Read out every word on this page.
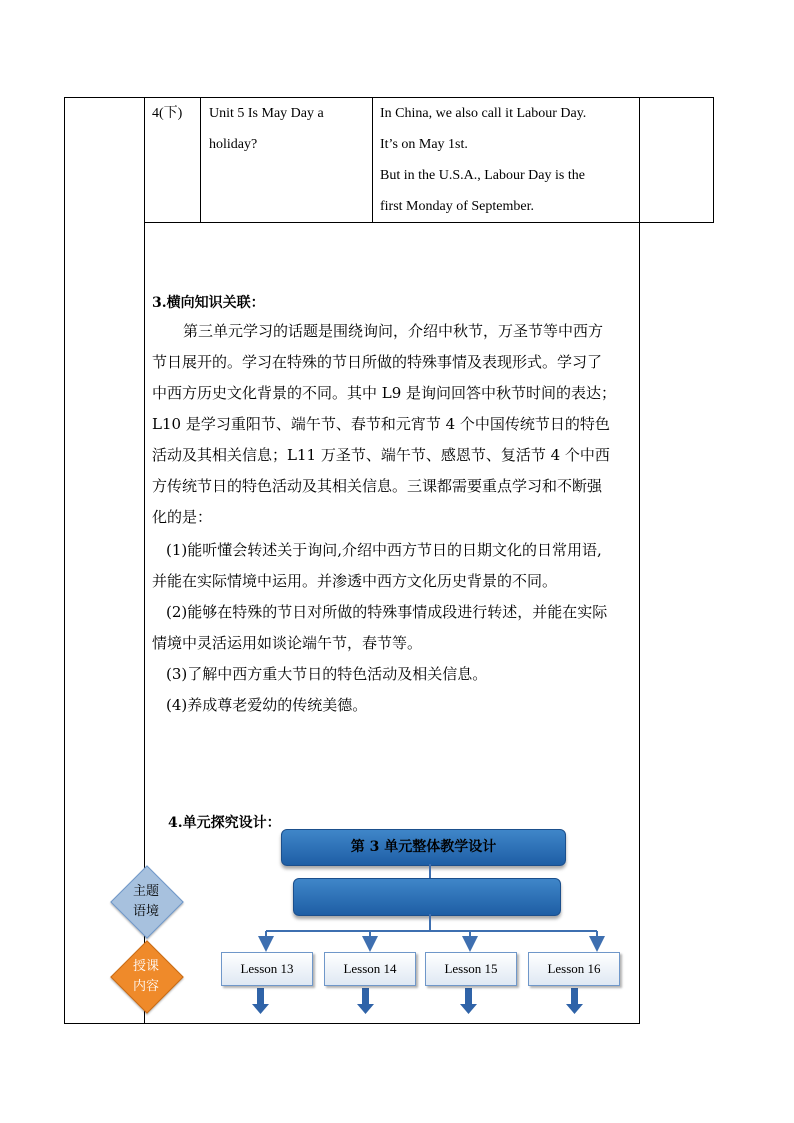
4(下) Unit 5 Is May Day a
holiday?
In China, we also call it Labour Day.
It’s on May 1st.
But in the U.S.A., Labour Day is the
first Monday of September.
3.横向知识关联：
第三单元学习的话题是围绕询问，介绍中秋节，万圣节等中西方
节日展开的。学习在特殊的节日所做的特殊事情及表现形式。学习了
中西方历史文化背景的不同。其中 L9 是询问回答中秋节时间的表达；
L10 是学习重阳节、端午节、春节和元宵节 4 个中国传统节日的特色
活动及其相关信息；L11 万圣节、端午节、感恩节、复活节 4 个中西
方传统节日的特色活动及其相关信息。三课都需要重点学习和不断强
化的是：
(1)能听懂会转述关于询问,介绍中西方节日的日期文化的日常用语,
并能在实际情境中运用。并渗透中西方文化历史背景的不同。
(2)能够在特殊的节日对所做的特殊事情成段进行转述，并能在实际
情境中灵活运用如谈论端午节，春节等。
(3)了解中西方重大节日的特色活动及相关信息。
(4)养成尊老爱幼的传统美德。
4.单元探究设计：
第 3 单元整体教学设计
Lesson 13	Lesson 14	Lesson 15	Lesson 16
主题
语境
授课
内容
